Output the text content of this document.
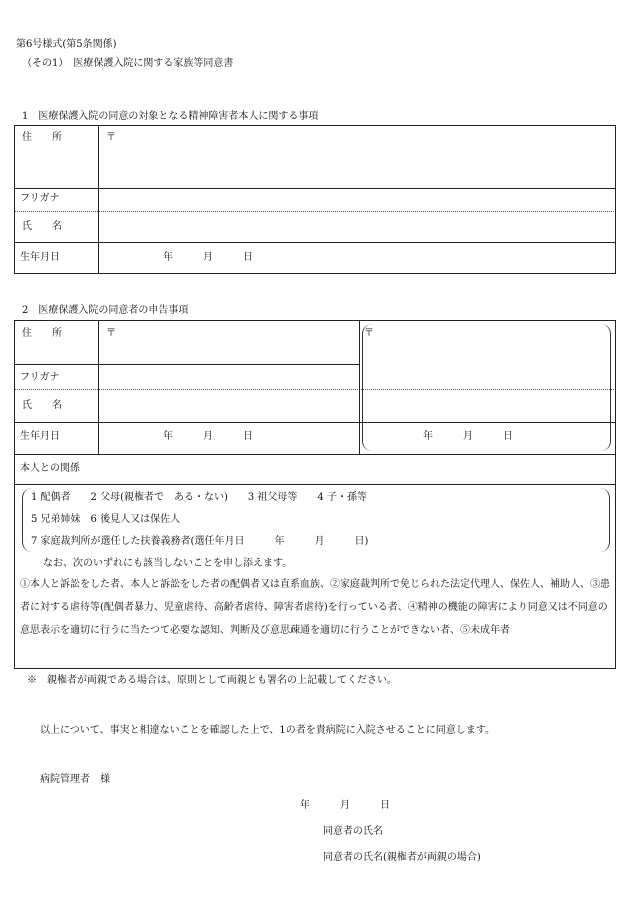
第6号様式(第5条関係)
（その1）　医療保護入院に関する家族等同意書
1　医療保護入院の同意の対象となる精神障害者本人に関する事項
住　　所	〒
フリガナ
氏　　名
生年月日	年　　　月　　　日
2　医療保護入院の同意者の申告事項
住　　所	〒	〒
フリガナ
氏　　名
生年月日	年　　　月　　　日	年　　　月　　　日
本人との関係
1 配偶者　　2 父母(親権者で　ある・ない)　　3 祖父母等　　4 子・孫等
5 兄弟姉妹　6 後見人又は保佐人
7 家庭裁判所が選任した扶養義務者(選任年月日　　　年　　　月　　　日)
なお、次のいずれにも該当しないことを申し添えます。
①本人と訴訟をした者、本人と訴訟をした者の配偶者又は直系血族、②家庭裁判所で免じられた法定代理人、保佐人、補助人、③患者に対する虐待等(配偶者暴力、児童虐待、高齢者虐待、障害者虐待)を行っている者、④精神の機能の障害により同意又は不同意の意思表示を適切に行うに当たつて必要な認知、判断及び意思疎通を適切に行うことができない者、⑤未成年者
※　親権者が両親である場合は、原則として両親とも署名の上記載してください。
以上について、事実と相違ないことを確認した上で、1の者を貴病院に入院させることに同意します。
病院管理者　様
年　　　月　　　日
同意者の氏名
同意者の氏名(親権者が両親の場合)
